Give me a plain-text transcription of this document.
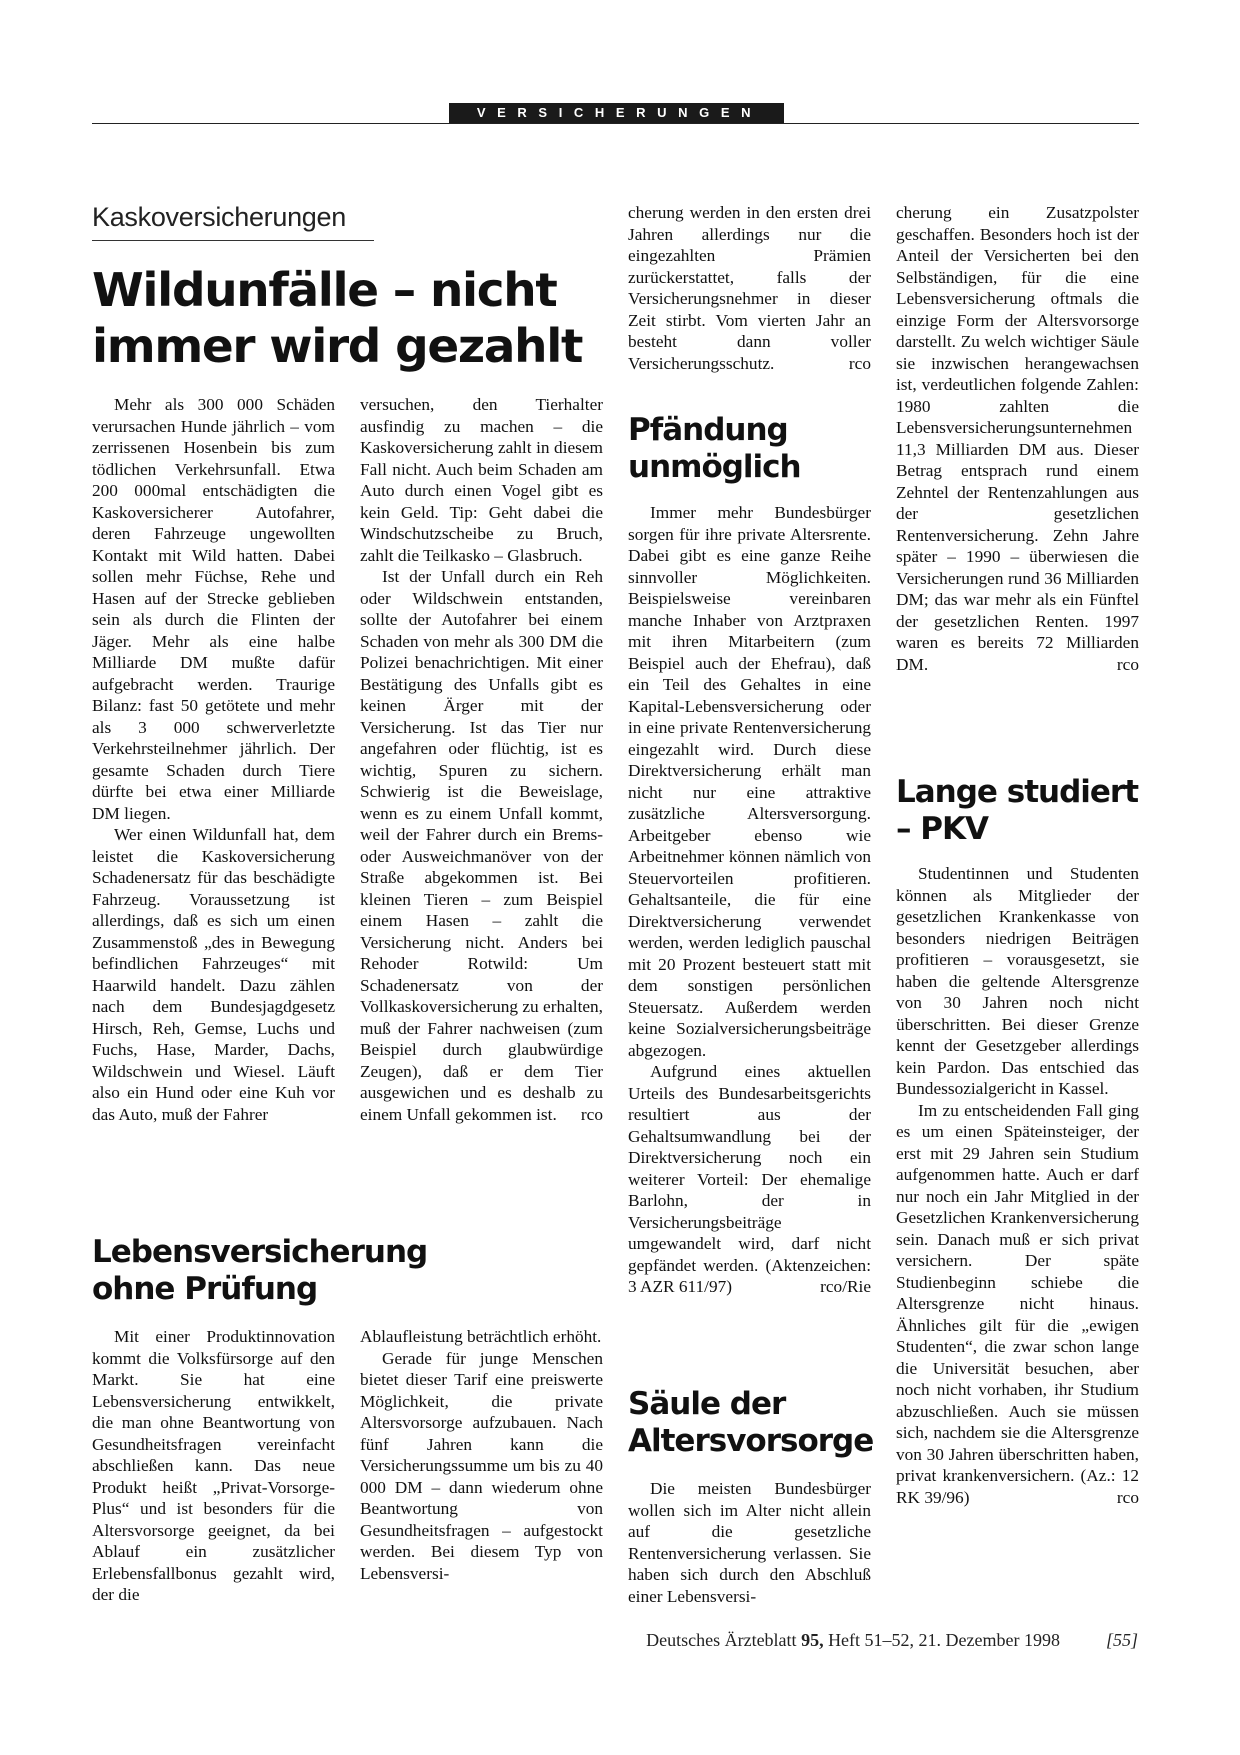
VERSICHERUNGEN
Kaskoversicherungen
Wildunfälle – nicht immer wird gezahlt

Mehr als 300 000 Schäden verursachen Hunde jährlich – vom zerrissenen Hosenbein bis zum tödlichen Verkehrsunfall. Etwa 200 000mal entschädigten die Kaskoversicherer Autofahrer, deren Fahrzeuge ungewollten Kontakt mit Wild hatten. Dabei sollen mehr Füchse, Rehe und Hasen auf der Strecke geblieben sein als durch die Flinten der Jäger. Mehr als eine halbe Milliarde DM mußte dafür aufgebracht werden. Traurige Bilanz: fast 50 getötete und mehr als 3 000 schwerverletzte Verkehrsteilnehmer jährlich. Der gesamte Schaden durch Tiere dürfte bei etwa einer Milliarde DM liegen.

Wer einen Wildunfall hat, dem leistet die Kaskoversicherung Schadenersatz für das beschädigte Fahrzeug. Voraussetzung ist allerdings, daß es sich um einen Zusammenstoß „des in Bewegung befindlichen Fahrzeuges“ mit Haarwild handelt. Dazu zählen nach dem Bundesjagdgesetz Hirsch, Reh, Gemse, Luchs und Fuchs, Hase, Marder, Dachs, Wildschwein und Wiesel. Läuft also ein Hund oder eine Kuh vor das Auto, muß der Fahrer

versuchen, den Tierhalter ausfindig zu machen – die Kaskoversicherung zahlt in diesem Fall nicht. Auch beim Schaden am Auto durch einen Vogel gibt es kein Geld. Tip: Geht dabei die Windschutzscheibe zu Bruch, zahlt die Teilkasko – Glasbruch.

Ist der Unfall durch ein Reh oder Wildschwein entstanden, sollte der Autofahrer bei einem Schaden von mehr als 300 DM die Polizei benachrichtigen. Mit einer Bestätigung des Unfalls gibt es keinen Ärger mit der Versicherung. Ist das Tier nur angefahren oder flüchtig, ist es wichtig, Spuren zu sichern. Schwierig ist die Beweislage, wenn es zu einem Unfall kommt, weil der Fahrer durch ein Brems- oder Ausweichmanöver von der Straße abgekommen ist. Bei kleinen Tieren – zum Beispiel einem Hasen – zahlt die Versicherung nicht. Anders bei Rehoder Rotwild: Um Schadenersatz von der Vollkaskoversicherung zu erhalten, muß der Fahrer nachweisen (zum Beispiel durch glaubwürdige Zeugen), daß er dem Tier ausgewichen und es deshalb zu einem Unfall gekommen ist.	rco

Lebensversicherung ohne Prüfung

Mit einer Produktinnovation kommt die Volksfürsorge auf den Markt. Sie hat eine Lebensversicherung entwikkelt, die man ohne Beantwortung von Gesundheitsfragen vereinfacht abschließen kann. Das neue Produkt heißt „Privat-Vorsorge-Plus“ und ist besonders für die Altersvorsorge geeignet, da bei Ablauf ein zusätzlicher Erlebensfallbonus gezahlt wird, der die

Ablaufleistung beträchtlich erhöht.

Gerade für junge Menschen bietet dieser Tarif eine preiswerte Möglichkeit, die private Altersvorsorge aufzubauen. Nach fünf Jahren kann die Versicherungssumme um bis zu 40 000 DM – dann wiederum ohne Beantwortung von Gesundheitsfragen – aufgestockt werden. Bei diesem Typ von Lebensversi-

cherung werden in den ersten drei Jahren allerdings nur die eingezahlten Prämien zurückerstattet, falls der Versicherungsnehmer in dieser Zeit stirbt. Vom vierten Jahr an besteht dann voller Versicherungsschutz.	rco

Pfändung unmöglich

Immer mehr Bundesbürger sorgen für ihre private Altersrente. Dabei gibt es eine ganze Reihe sinnvoller Möglichkeiten. Beispielsweise vereinbaren manche Inhaber von Arztpraxen mit ihren Mitarbeitern (zum Beispiel auch der Ehefrau), daß ein Teil des Gehaltes in eine Kapital-Lebensversicherung oder in eine private Rentenversicherung eingezahlt wird. Durch diese Direktversicherung erhält man nicht nur eine attraktive zusätzliche Altersversorgung. Arbeitgeber ebenso wie Arbeitnehmer können nämlich von Steuervorteilen profitieren. Gehaltsanteile, die für eine Direktversicherung verwendet werden, werden lediglich pauschal mit 20 Prozent besteuert statt mit dem sonstigen persönlichen Steuersatz. Außerdem werden keine Sozialversicherungsbeiträge abgezogen.

Aufgrund eines aktuellen Urteils des Bundesarbeitsgerichts resultiert aus der Gehaltsumwandlung bei der Direktversicherung noch ein weiterer Vorteil: Der ehemalige Barlohn, der in Versicherungsbeiträge umgewandelt wird, darf nicht gepfändet werden. (Aktenzeichen: 3 AZR 611/97)	rco/Rie

Säule der Altersvorsorge

Die meisten Bundesbürger wollen sich im Alter nicht allein auf die gesetzliche Rentenversicherung verlassen. Sie haben sich durch den Abschluß einer Lebensversi-

cherung ein Zusatzpolster geschaffen. Besonders hoch ist der Anteil der Versicherten bei den Selbständigen, für die eine Lebensversicherung oftmals die einzige Form der Altersvorsorge darstellt. Zu welch wichtiger Säule sie inzwischen herangewachsen ist, verdeutlichen folgende Zahlen: 1980 zahlten die Lebensversicherungsunternehmen 11,3 Milliarden DM aus. Dieser Betrag entsprach rund einem Zehntel der Rentenzahlungen aus der gesetzlichen Rentenversicherung. Zehn Jahre später – 1990 – überwiesen die Versicherungen rund 36 Milliarden DM; das war mehr als ein Fünftel der gesetzlichen Renten. 1997 waren es bereits 72 Milliarden DM.	rco

Lange studiert – PKV

Studentinnen und Studenten können als Mitglieder der gesetzlichen Krankenkasse von besonders niedrigen Beiträgen profitieren – vorausgesetzt, sie haben die geltende Altersgrenze von 30 Jahren noch nicht überschritten. Bei dieser Grenze kennt der Gesetzgeber allerdings kein Pardon. Das entschied das Bundessozialgericht in Kassel.

Im zu entscheidenden Fall ging es um einen Späteinsteiger, der erst mit 29 Jahren sein Studium aufgenommen hatte. Auch er darf nur noch ein Jahr Mitglied in der Gesetzlichen Krankenversicherung sein. Danach muß er sich privat versichern. Der späte Studienbeginn schiebe die Altersgrenze nicht hinaus. Ähnliches gilt für die „ewigen Studenten“, die zwar schon lange die Universität besuchen, aber noch nicht vorhaben, ihr Studium abzuschließen. Auch sie müssen sich, nachdem sie die Altersgrenze von 30 Jahren überschritten haben, privat krankenversichern. (Az.: 12 RK 39/96)	rco

Deutsches Ärzteblatt 95, Heft 51–52, 21. Dezember 1998	[55]
